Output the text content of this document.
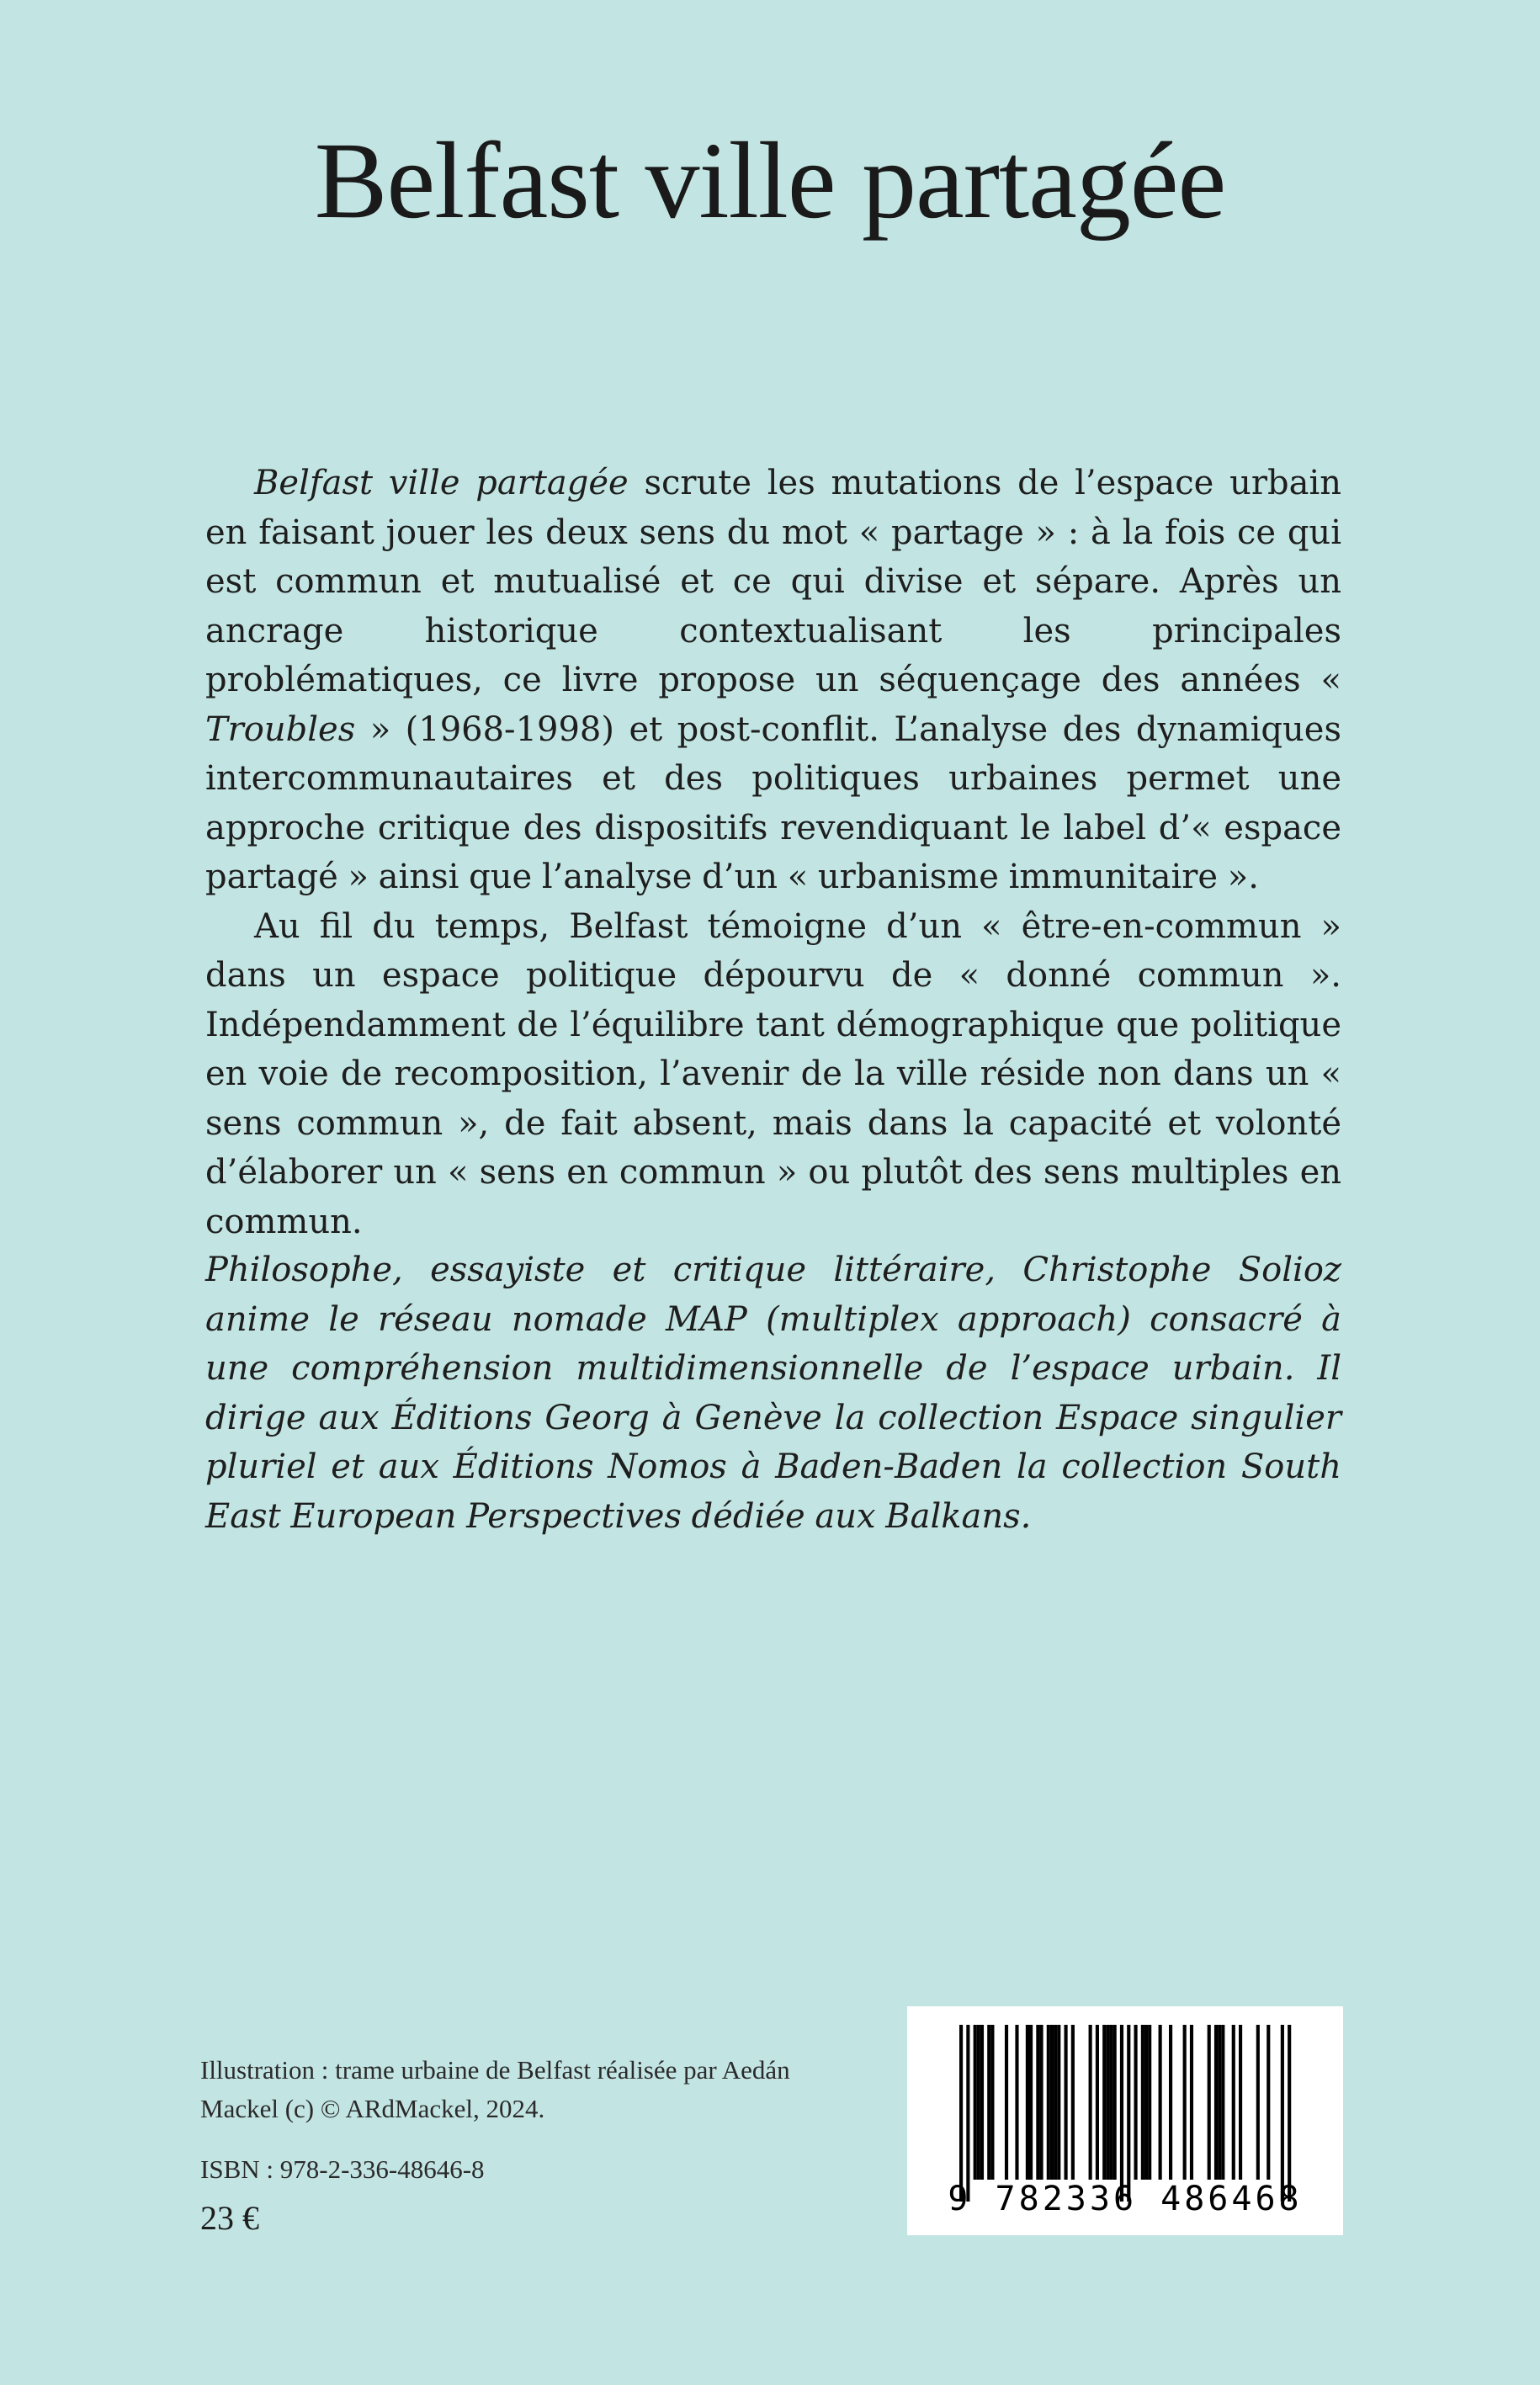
Belfast ville partagée

Belfast ville partagée scrute les mutations de l’espace urbain en faisant jouer les deux sens du mot « partage » : à la fois ce qui est commun et mutualisé et ce qui divise et sépare. Après un ancrage historique contextualisant les principales problématiques, ce livre propose un séquençage des années « Troubles » (1968-1998) et post-conflit. L’analyse des dynamiques intercommunautaires et des politiques urbaines permet une approche critique des dispositifs revendiquant le label d’« espace partagé » ainsi que l’analyse d’un « urbanisme immunitaire ».

Au fil du temps, Belfast témoigne d’un « être-en-commun » dans un espace politique dépourvu de « donné commun ». Indépendamment de l’équilibre tant démographique que politique en voie de recomposition, l’avenir de la ville réside non dans un « sens commun », de fait absent, mais dans la capacité et volonté d’élaborer un « sens en commun » ou plutôt des sens multiples en commun.

Philosophe, essayiste et critique littéraire, Christophe Solioz anime le réseau nomade MAP (multiplex approach) consacré à une compréhension multidimensionnelle de l’espace urbain. Il dirige aux Éditions Georg à Genève la collection Espace singulier pluriel et aux Éditions Nomos à Baden-Baden la collection South East European Perspectives dédiée aux Balkans.

Illustration : trame urbaine de Belfast réalisée par Aedán Mackel (c) © ARdMackel, 2024.

ISBN : 978-2-336-48646-8

23 €	9 782336 486468
